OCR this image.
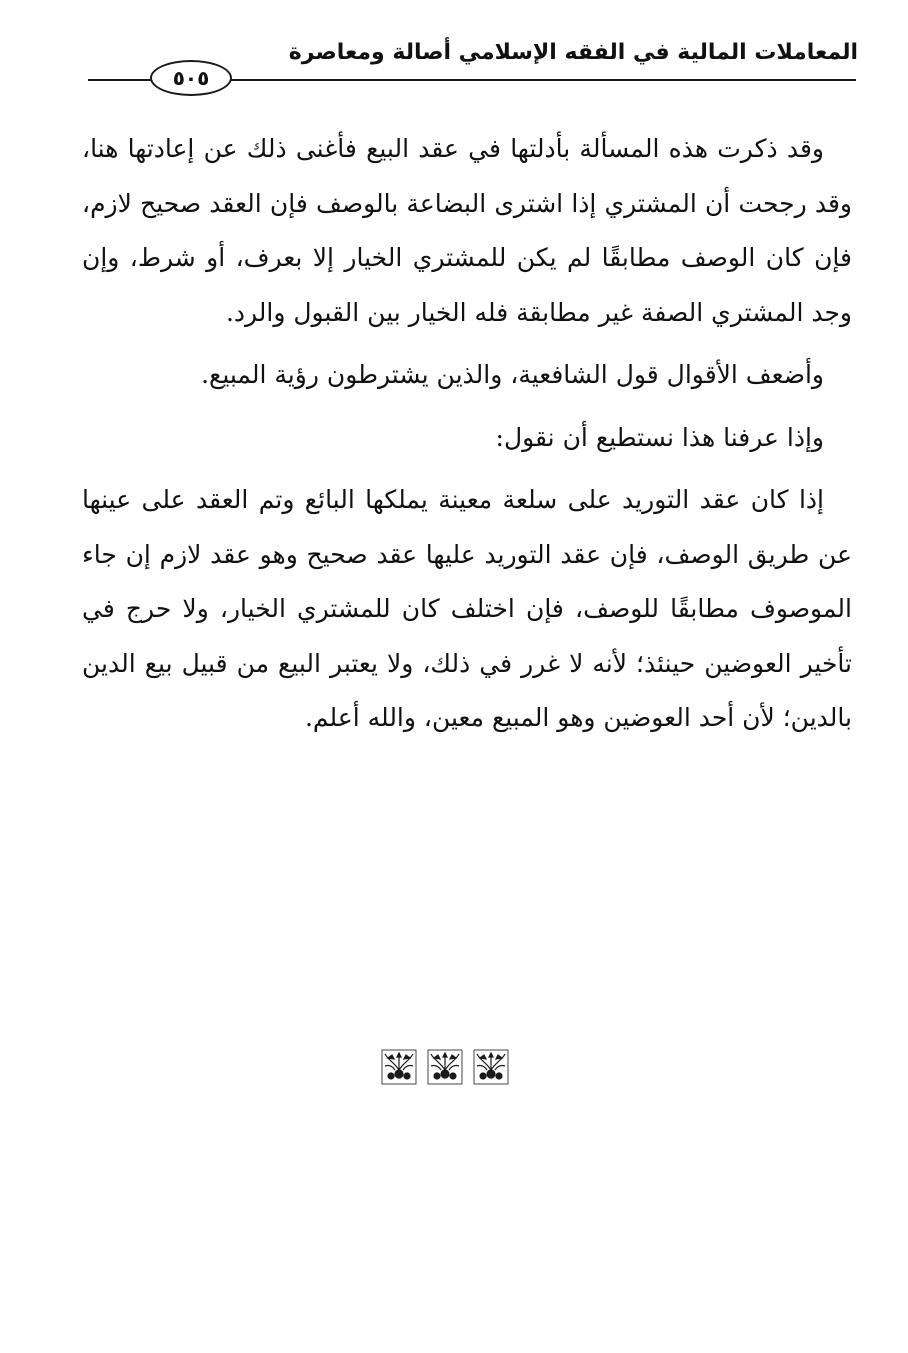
المعاملات المالية في الفقه الإسلامي أصالة ومعاصرة
٥٠٥

وقد ذكرت هذه المسألة بأدلتها في عقد البيع فأغنى ذلك عن إعادتها هنا، وقد رجحت أن المشتري إذا اشترى البضاعة بالوصف فإن العقد صحيح لازم، فإن كان الوصف مطابقًا لم يكن للمشتري الخيار إلا بعرف، أو شرط، وإن وجد المشتري الصفة غير مطابقة فله الخيار بين القبول والرد.

وأضعف الأقوال قول الشافعية، والذين يشترطون رؤية المبيع.

وإذا عرفنا هذا نستطيع أن نقول:

إذا كان عقد التوريد على سلعة معينة يملكها البائع وتم العقد على عينها عن طريق الوصف، فإن عقد التوريد عليها عقد صحيح وهو عقد لازم إن جاء الموصوف مطابقًا للوصف، فإن اختلف كان للمشتري الخيار، ولا حرج في تأخير العوضين حينئذ؛ لأنه لا غرر في ذلك، ولا يعتبر البيع من قبيل بيع الدين بالدين؛ لأن أحد العوضين وهو المبيع معين، والله أعلم.
